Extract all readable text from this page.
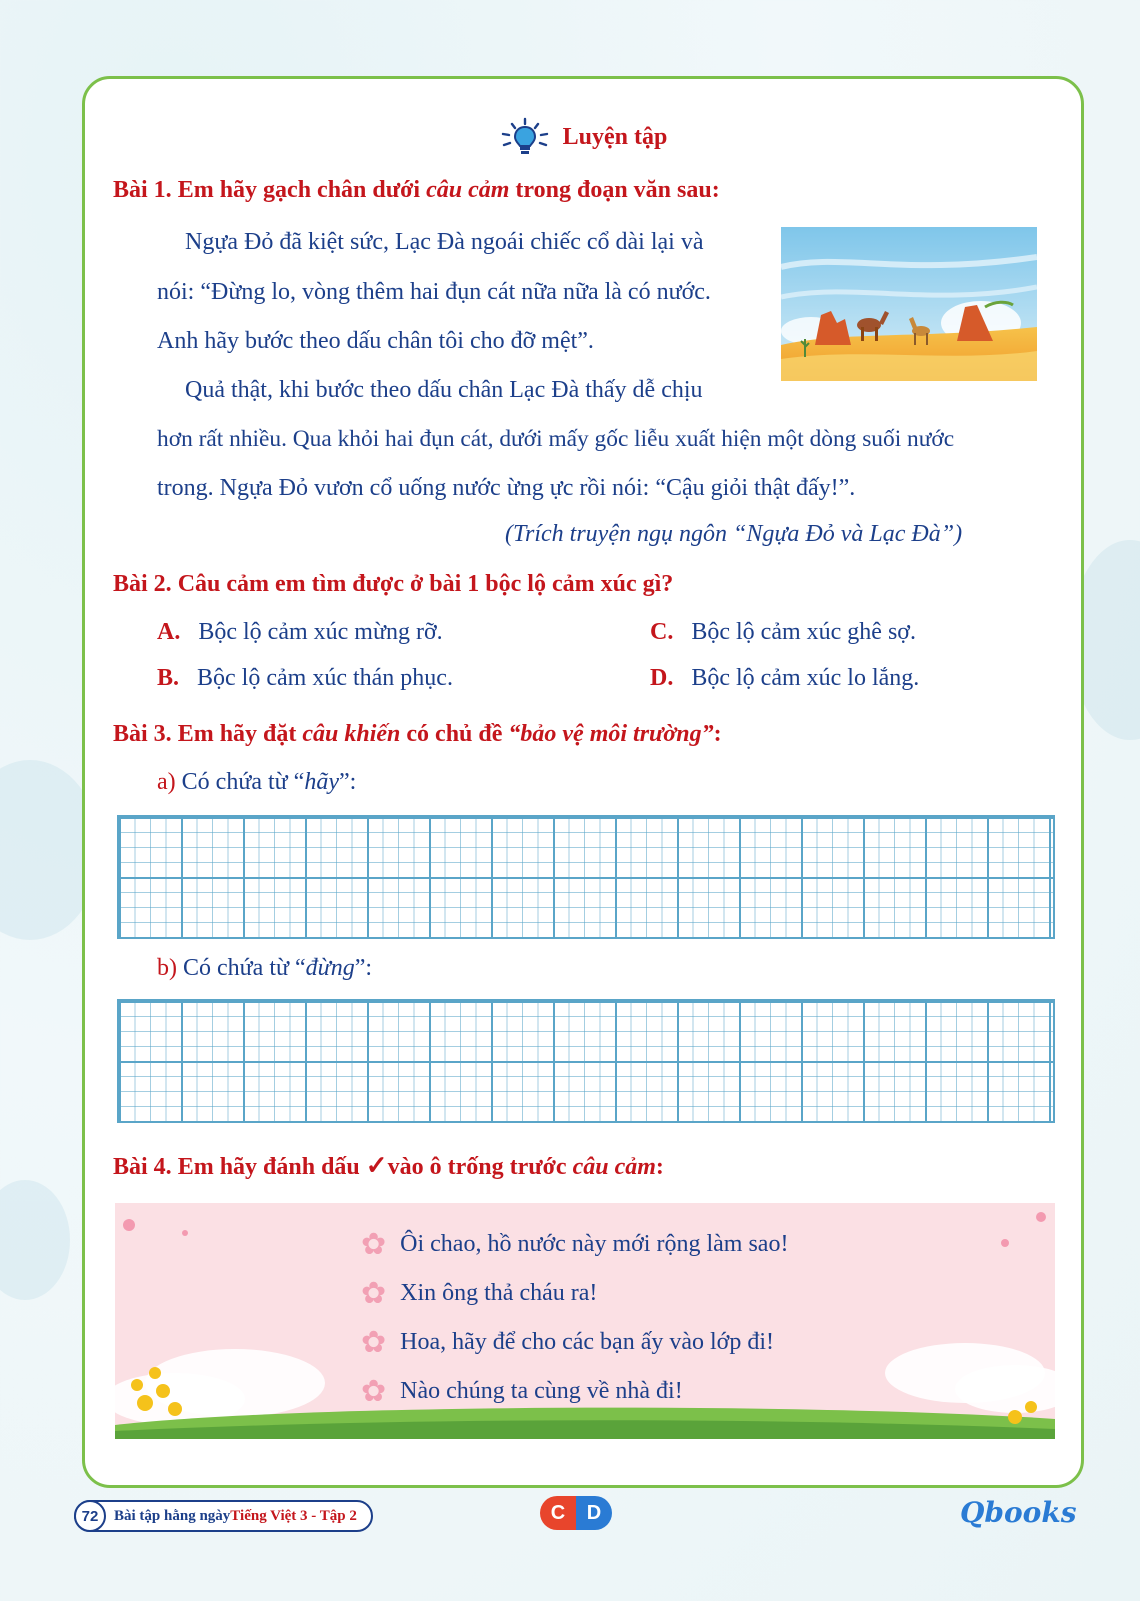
Luyện tập
Bài 1. Em hãy gạch chân dưới câu cảm trong đoạn văn sau:
Ngựa Đỏ đã kiệt sức, Lạc Đà ngoái chiếc cổ dài lại và
nói: “Đừng lo, vòng thêm hai đụn cát nữa nữa là có nước.
Anh hãy bước theo dấu chân tôi cho đỡ mệt”.
Quả thật, khi bước theo dấu chân Lạc Đà thấy dễ chịu
hơn rất nhiều. Qua khỏi hai đụn cát, dưới mấy gốc liễu xuất hiện một dòng suối nước
trong. Ngựa Đỏ vươn cổ uống nước ừng ực rồi nói: “Cậu giỏi thật đấy!”.
(Trích truyện ngụ ngôn “Ngựa Đỏ và Lạc Đà”)
Bài 2. Câu cảm em tìm được ở bài 1 bộc lộ cảm xúc gì?
A. Bộc lộ cảm xúc mừng rỡ.
B. Bộc lộ cảm xúc thán phục.
C. Bộc lộ cảm xúc ghê sợ.
D. Bộc lộ cảm xúc lo lắng.
Bài 3. Em hãy đặt câu khiến có chủ đề “bảo vệ môi trường”:
a) Có chứa từ “hãy”:
b) Có chứa từ “đừng”:
Bài 4. Em hãy đánh dấu ✓vào ô trống trước câu cảm:
✿ Ôi chao, hồ nước này mới rộng làm sao!
✿ Xin ông thả cháu ra!
✿ Hoa, hãy để cho các bạn ấy vào lớp đi!
✿ Nào chúng ta cùng về nhà đi!
72	Bài tập hằng ngày Tiếng Việt 3 - Tập 2	C	D	Qbooks
